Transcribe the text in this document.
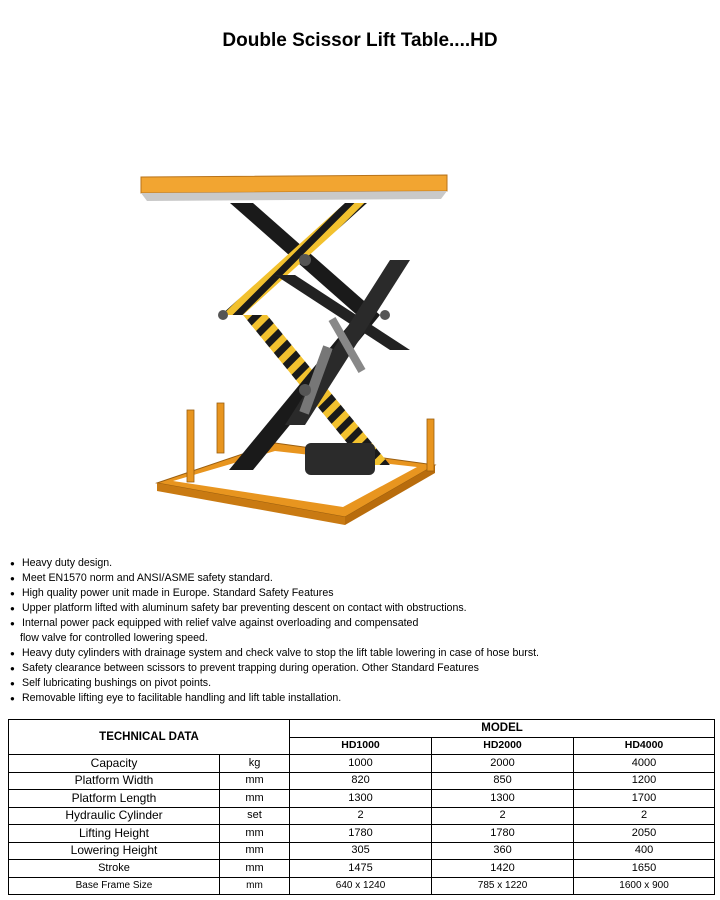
Double Scissor Lift Table....HD
● Heavy duty design.
● Meet EN1570 norm and ANSI/ASME safety standard.
● High quality power unit made in Europe. Standard Safety Features
● Upper platform lifted with aluminum safety bar preventing descent on contact with obstructions.
● Internal power pack equipped with relief valve against overloading and compensated
flow valve for controlled lowering speed.
● Heavy duty cylinders with drainage system and check valve to stop the lift table lowering in case of hose burst.
● Safety clearance between scissors to prevent trapping during operation. Other Standard Features
● Self lubricating bushings on pivot points.
● Removable lifting eye to facilitable handling and lift table installation.
TECHNICAL DATA		MODEL		
		HD1000	HD2000	HD4000
Capacity	kg	1000	2000	4000
Platform Width	mm	820	850	1200
Platform Length	mm	1300	1300	1700
Hydraulic Cylinder	set	2	2	2
Lifting Height	mm	1780	1780	2050
Lowering Height	mm	305	360	400
Stroke	mm	1475	1420	1650
Base Frame Size	mm	640 x 1240	785 x 1220	1600 x 900
